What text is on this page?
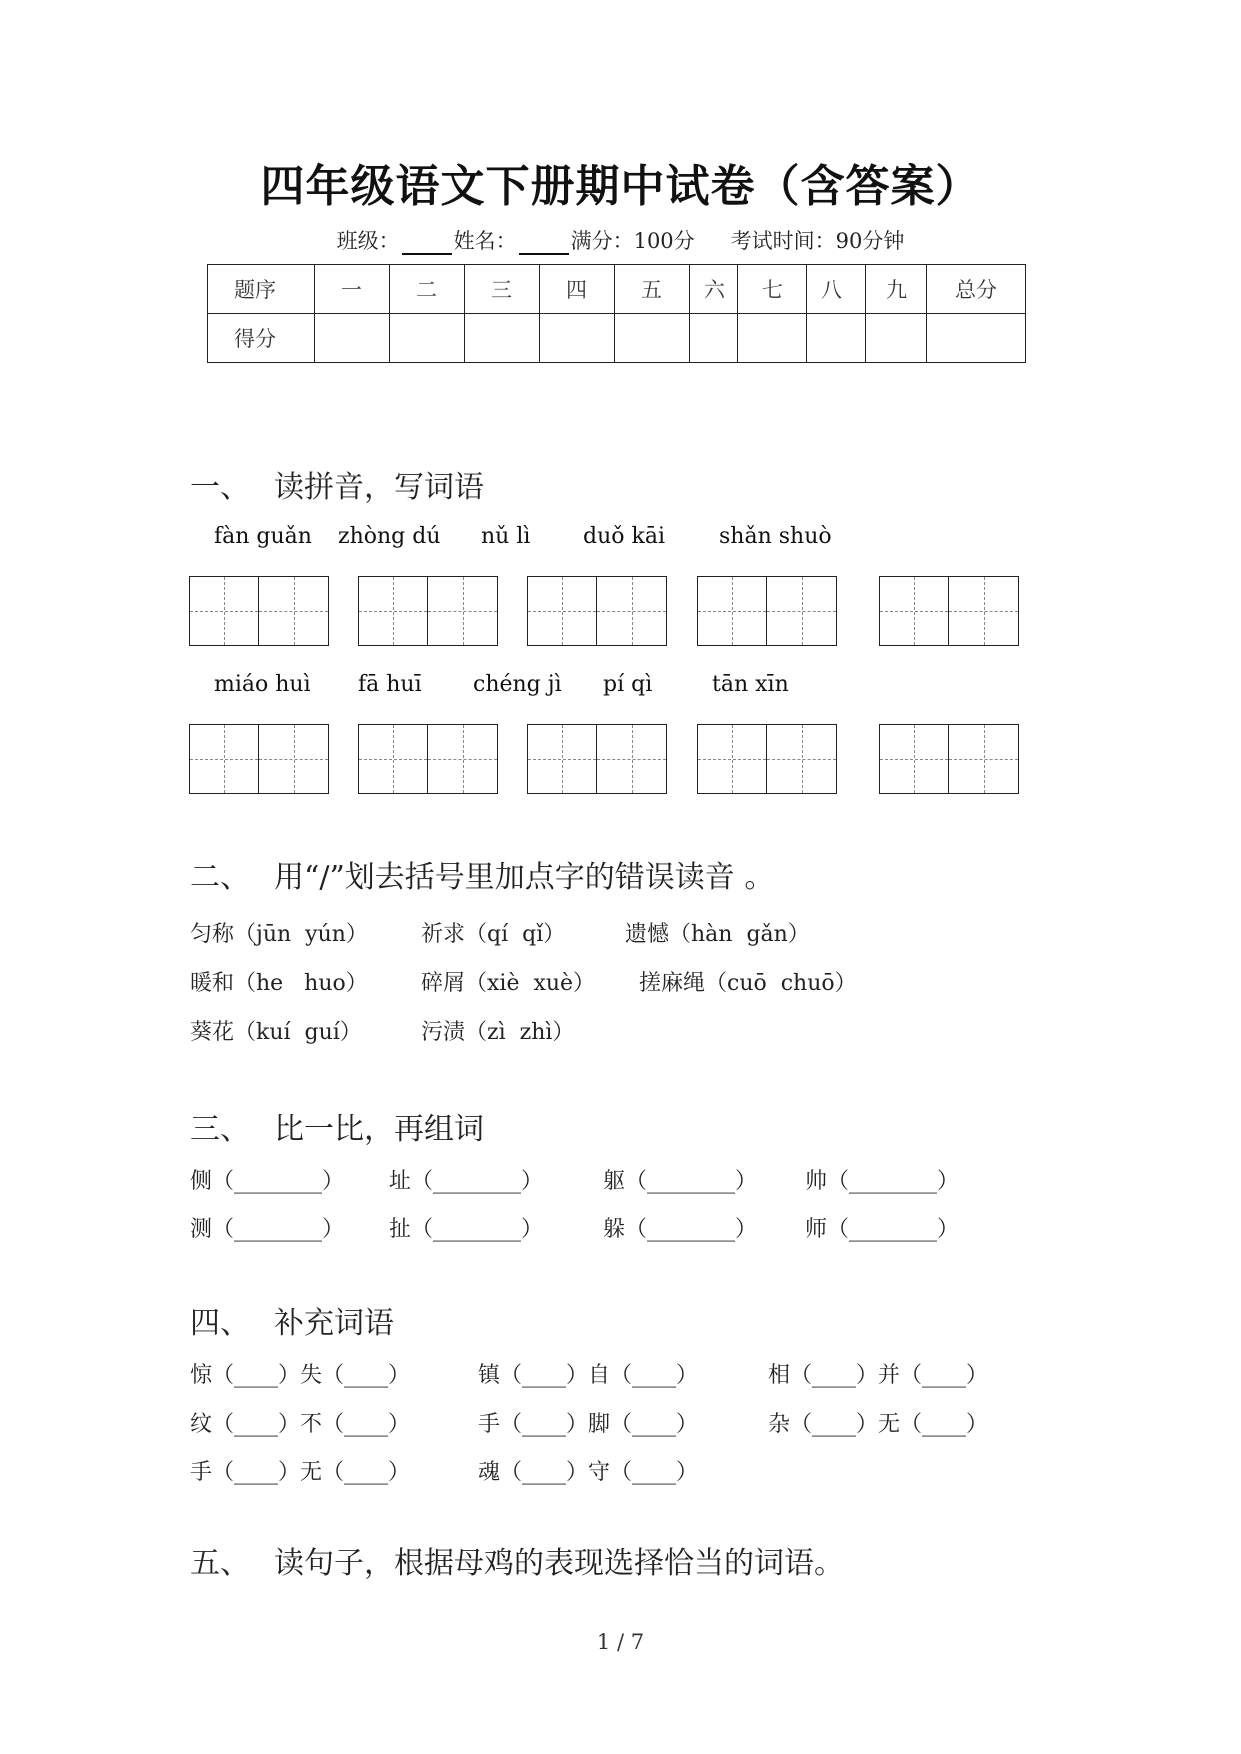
四年级语文下册期中试卷（含答案）
班级：	姓名：	满分：100分 考试时间：90分钟
题序	一	二	三	四	五	六	七	八	九	总分
得分										
一、 读拼音，写词语
fàn guǎn zhòng dú nǔ lì duǒ kāi shǎn shuò
miáo huì fā huī chéng jì pí qì	tān xīn
二、 用“/”划去括号里加点字的错误读音 。
匀称（jūn  yún） 祈求（qí  qǐ）	遗憾（hàn  gǎn）
暖和（he   huo） 碎屑（xiè  xuè） 搓麻绳（cuō  chuō）
葵花（kuí  guí）	污渍（zì  zhì）
三、 比一比，再组词
侧（________） 址（________）	躯（________） 帅（________）
测（________） 扯（________）	躲（________） 师（________）
四、 补充词语
惊（____）失（____）	镇（____）自（____）	相（____）并（____）
纹（____）不（____）	手（____）脚（____）	杂（____）无（____）
手（____）无（____）	魂（____）守（____）
五、 读句子，根据母鸡的表现选择恰当的词语。
1 / 7
